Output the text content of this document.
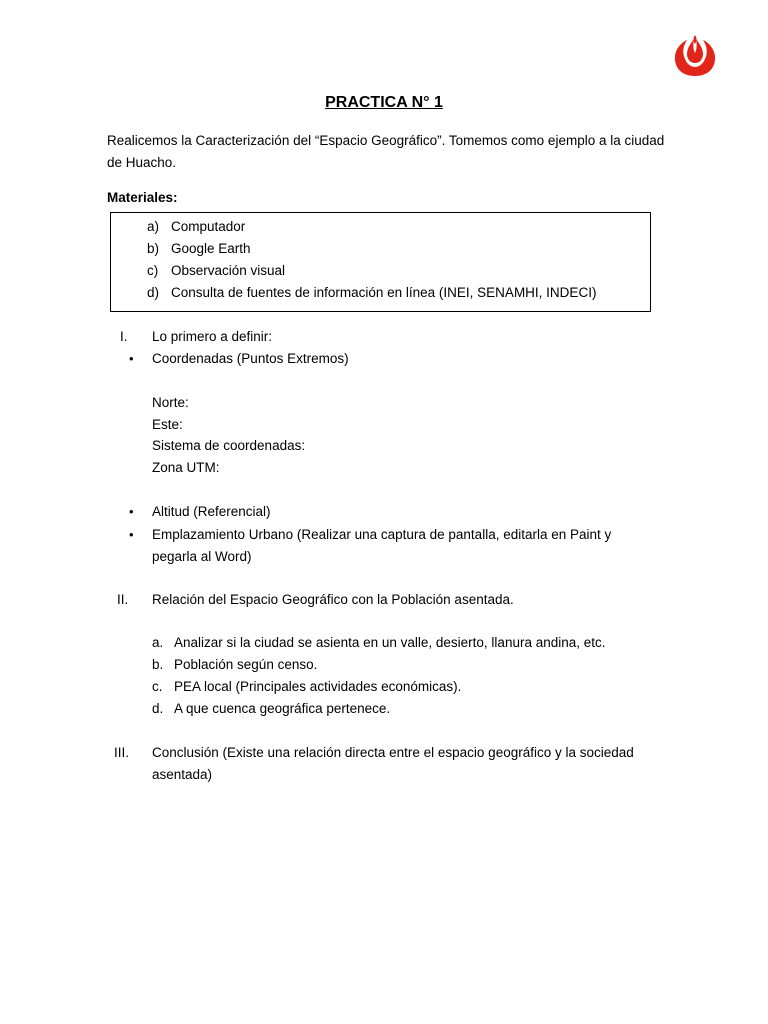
PRACTICA N° 1
Realicemos la Caracterización del “Espacio Geográfico”. Tomemos como ejemplo a la ciudad
de Huacho.
Materiales:
a) Computador
b) Google Earth
c) Observación visual
d) Consulta de fuentes de información en línea (INEI, SENAMHI, INDECI)
I. Lo primero a definir:
• Coordenadas (Puntos Extremos)
Norte:
Este:
Sistema de coordenadas:
Zona UTM:
• Altitud (Referencial)
• Emplazamiento Urbano (Realizar una captura de pantalla, editarla en Paint y
pegarla al Word)
II. Relación del Espacio Geográfico con la Población asentada.
a. Analizar si la ciudad se asienta en un valle, desierto, llanura andina, etc.
b. Población según censo.
c. PEA local (Principales actividades económicas).
d. A que cuenca geográfica pertenece.
III. Conclusión (Existe una relación directa entre el espacio geográfico y la sociedad
asentada)
